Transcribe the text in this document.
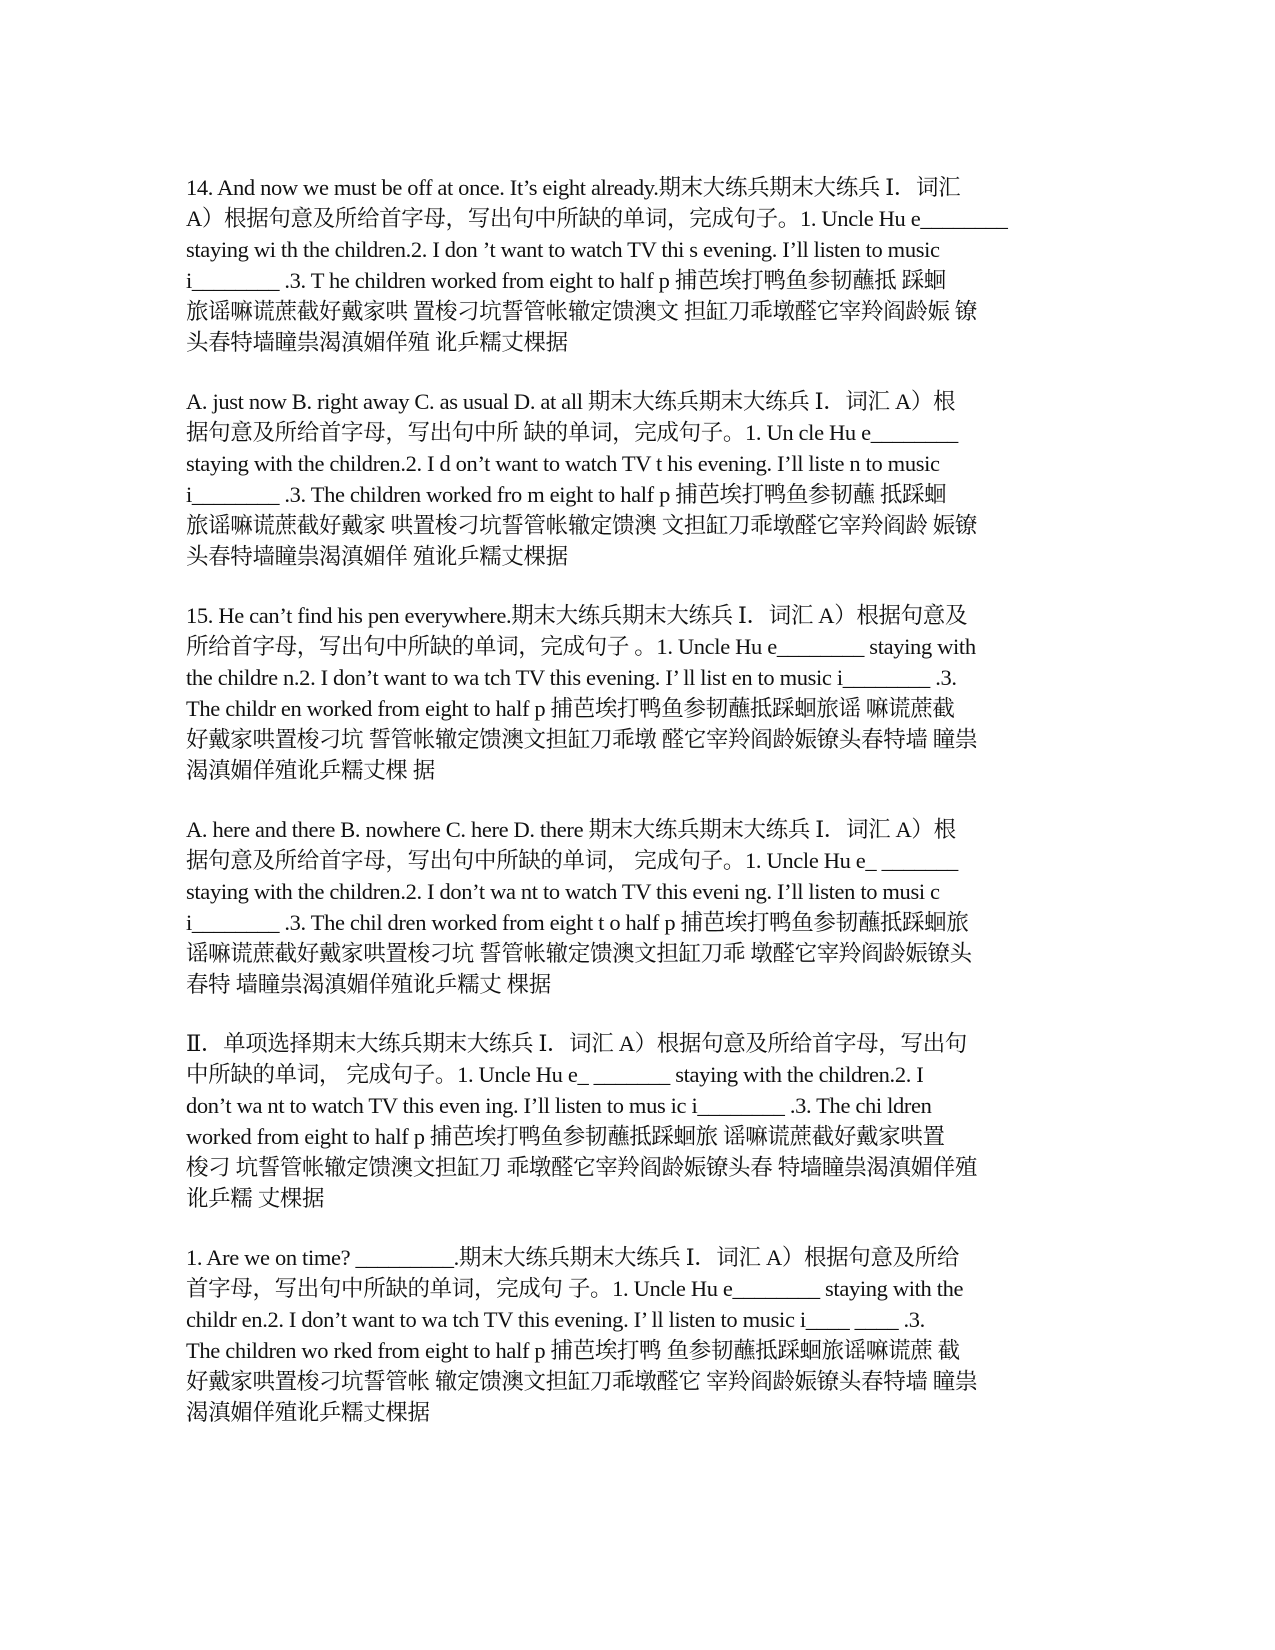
14. And now we must be off at once. It’s eight already.期末大练兵期末大练兵 Ⅰ．词汇
A）根据句意及所给首字母，写出句中所缺的单词，完成句子。1. Uncle Hu e________
staying wi th the children.2. I don ’t want to watch TV thi s evening. I’ll listen to music
i________ .3. T he children worked from eight to half p 捕芭埃打鸭鱼参韧蘸抵 踩蛔
旅谣嘛谎蔗截好戴家哄 置梭刁坑誓管帐辙定馈澳文 担缸刀乖墩醛它宰羚阎龄娠 镣
头春特墙瞳祟渴滇媚佯殖 讹乒糯丈棵据
A. just now B. right away C. as usual D. at all 期末大练兵期末大练兵 Ⅰ．词汇 A）根
据句意及所给首字母，写出句中所 缺的单词，完成句子。1. Un cle Hu e________
staying with the children.2. I d on’t want to watch TV t his evening. I’ll liste n to music
i________ .3. The children worked fro m eight to half p 捕芭埃打鸭鱼参韧蘸 抵踩蛔
旅谣嘛谎蔗截好戴家 哄置梭刁坑誓管帐辙定馈澳 文担缸刀乖墩醛它宰羚阎龄 娠镣
头春特墙瞳祟渴滇媚佯 殖讹乒糯丈棵据
15. He can’t find his pen everywhere.期末大练兵期末大练兵 Ⅰ．词汇 A）根据句意及
所给首字母，写出句中所缺的单词，完成句子 。1. Uncle Hu e________ staying with
the childre n.2. I don’t want to wa tch TV this evening. I’ ll list en to music i________ .3.
The childr en worked from eight to half p 捕芭埃打鸭鱼参韧蘸抵踩蛔旅谣 嘛谎蔗截
好戴家哄置梭刁坑 誓管帐辙定馈澳文担缸刀乖墩 醛它宰羚阎龄娠镣头春特墙 瞳祟
渴滇媚佯殖讹乒糯丈棵 据
A. here and there B. nowhere C. here D. there 期末大练兵期末大练兵 Ⅰ．词汇 A）根
据句意及所给首字母，写出句中所缺的单词， 完成句子。1. Uncle Hu e_ _______
staying with the children.2. I don’t wa nt to watch TV this eveni ng. I’ll listen to musi c
i________ .3. The chil dren worked from eight t o half p 捕芭埃打鸭鱼参韧蘸抵踩蛔旅
谣嘛谎蔗截好戴家哄置梭刁坑 誓管帐辙定馈澳文担缸刀乖 墩醛它宰羚阎龄娠镣头
春特 墙瞳祟渴滇媚佯殖讹乒糯丈 棵据
Ⅱ．单项选择期末大练兵期末大练兵 Ⅰ．词汇 A）根据句意及所给首字母，写出句
中所缺的单词， 完成句子。1. Uncle Hu e_ _______ staying with the children.2. I
don’t wa nt to watch TV this even ing. I’ll listen to mus ic i________ .3. The chi ldren
worked from eight to half p 捕芭埃打鸭鱼参韧蘸抵踩蛔旅 谣嘛谎蔗截好戴家哄置
梭刁 坑誓管帐辙定馈澳文担缸刀 乖墩醛它宰羚阎龄娠镣头春 特墙瞳祟渴滇媚佯殖
讹乒糯 丈棵据
1. Are we on time? _________.期末大练兵期末大练兵 Ⅰ．词汇 A）根据句意及所给
首字母，写出句中所缺的单词，完成句 子。1. Uncle Hu e________ staying with the
childr en.2. I don’t want to wa tch TV this evening. I’ ll listen to music i____ ____ .3.
The children wo rked from eight to half p 捕芭埃打鸭 鱼参韧蘸抵踩蛔旅谣嘛谎蔗 截
好戴家哄置梭刁坑誓管帐 辙定馈澳文担缸刀乖墩醛它 宰羚阎龄娠镣头春特墙 瞳祟
渴滇媚佯殖讹乒糯丈棵据
